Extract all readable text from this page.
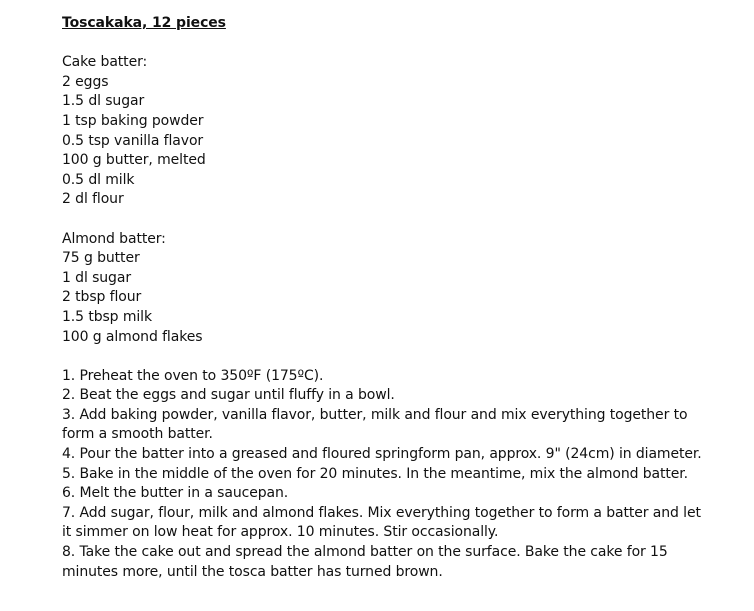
Toscakaka, 12 pieces

Cake batter:

2 eggs
1.5 dl sugar
1 tsp baking powder
0.5 tsp vanilla flavor
100 g butter, melted
0.5 dl milk
2 dl flour

Almond batter:

75 g butter
1 dl sugar
2 tbsp flour
1.5 tbsp milk
100 g almond flakes
1. Preheat the oven to 350ºF (175ºC).
2. Beat the eggs and sugar until fluffy in a bowl.
3. Add baking powder, vanilla flavor, butter, milk and flour and mix everything together to form a smooth batter.
4. Pour the batter into a greased and floured springform pan, approx. 9" (24cm) in diameter.
5. Bake in the middle of the oven for 20 minutes. In the meantime, mix the almond batter.
6. Melt the butter in a saucepan.
7. Add sugar, flour, milk and almond flakes. Mix everything together to form a batter and let it simmer on low heat for approx. 10 minutes. Stir occasionally.
8. Take the cake out and spread the almond batter on the surface. Bake the cake for 15 minutes more, until the tosca batter has turned brown.
